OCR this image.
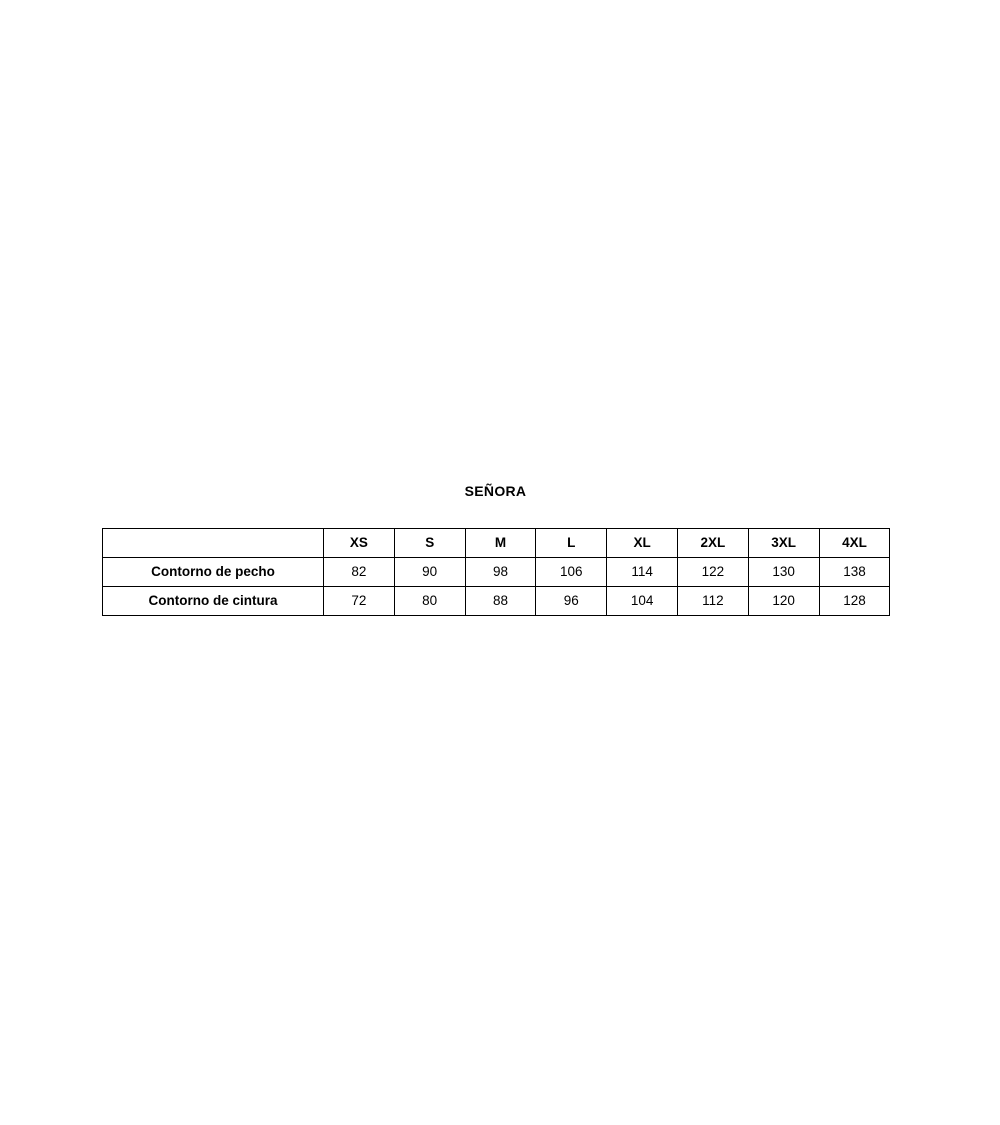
SEÑORA
	XS	S	M	L	XL	2XL	3XL	4XL
Contorno de pecho	82	90	98	106	114	122	130	138
Contorno de cintura	72	80	88	96	104	112	120	128
